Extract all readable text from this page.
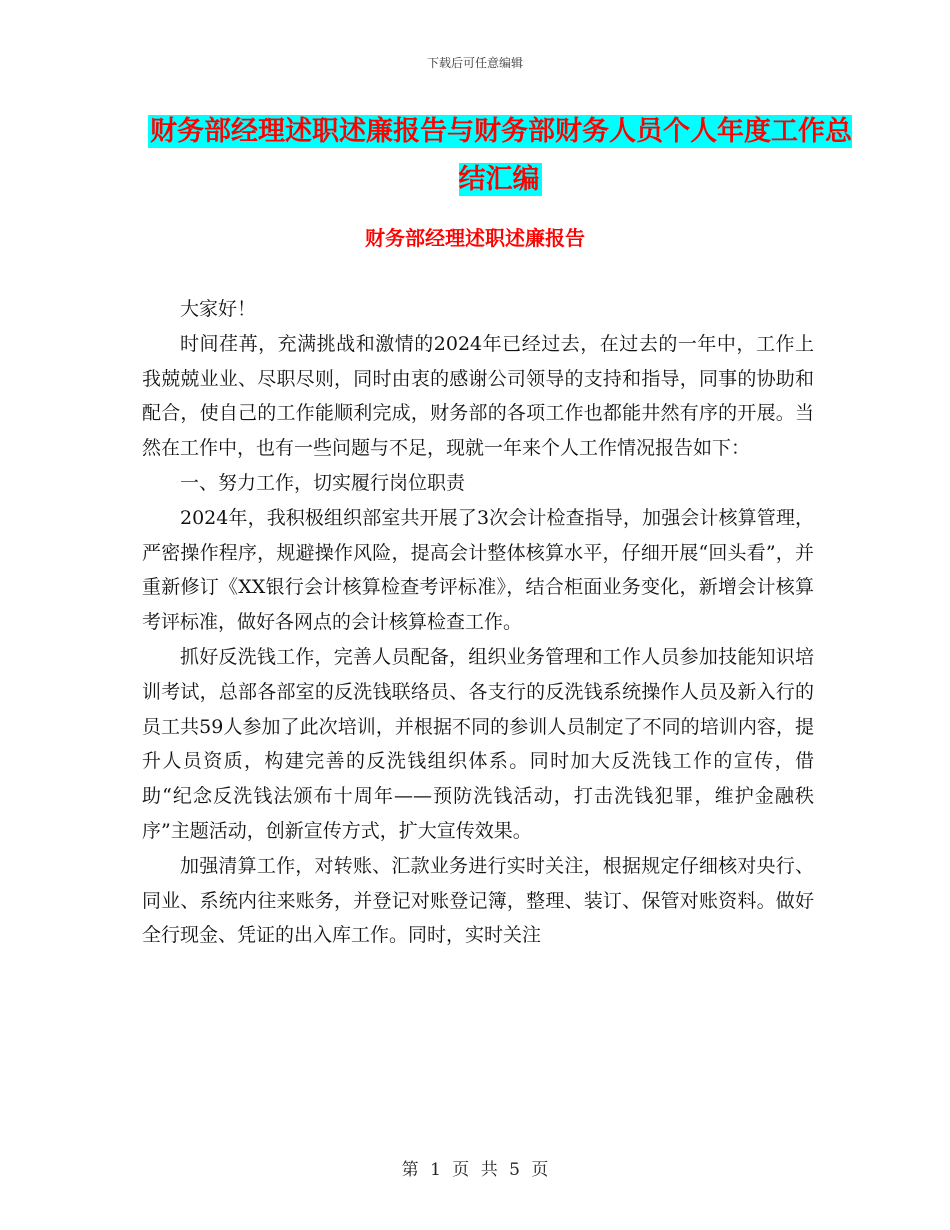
下载后可任意编辑
财务部经理述职述廉报告与财务部财务人员个人年度工作总结汇编
财务部经理述职述廉报告

大家好！

时间荏苒，充满挑战和激情的2024年已经过去，在过去的一年中，工作上我兢兢业业、尽职尽则，同时由衷的感谢公司领导的支持和指导，同事的协助和配合，使自己的工作能顺利完成，财务部的各项工作也都能井然有序的开展。当然在工作中，也有一些问题与不足，现就一年来个人工作情况报告如下：

一、努力工作，切实履行岗位职责

2024年，我积极组织部室共开展了3次会计检查指导，加强会计核算管理，严密操作程序，规避操作风险，提高会计整体核算水平，仔细开展“回头看”，并重新修订《XX银行会计核算检查考评标准》，结合柜面业务变化，新增会计核算考评标准，做好各网点的会计核算检查工作。

抓好反洗钱工作，完善人员配备，组织业务管理和工作人员参加技能知识培训考试，总部各部室的反洗钱联络员、各支行的反洗钱系统操作人员及新入行的员工共59人参加了此次培训，并根据不同的参训人员制定了不同的培训内容，提升人员资质，构建完善的反洗钱组织体系。同时加大反洗钱工作的宣传，借助“纪念反洗钱法颁布十周年——预防洗钱活动，打击洗钱犯罪，维护金融秩序”主题活动，创新宣传方式，扩大宣传效果。

加强清算工作，对转账、汇款业务进行实时关注，根据规定仔细核对央行、同业、系统内往来账务，并登记对账登记簿，整理、装订、保管对账资料。做好全行现金、凭证的出入库工作。同时，实时关注

第 1 页 共 5 页
